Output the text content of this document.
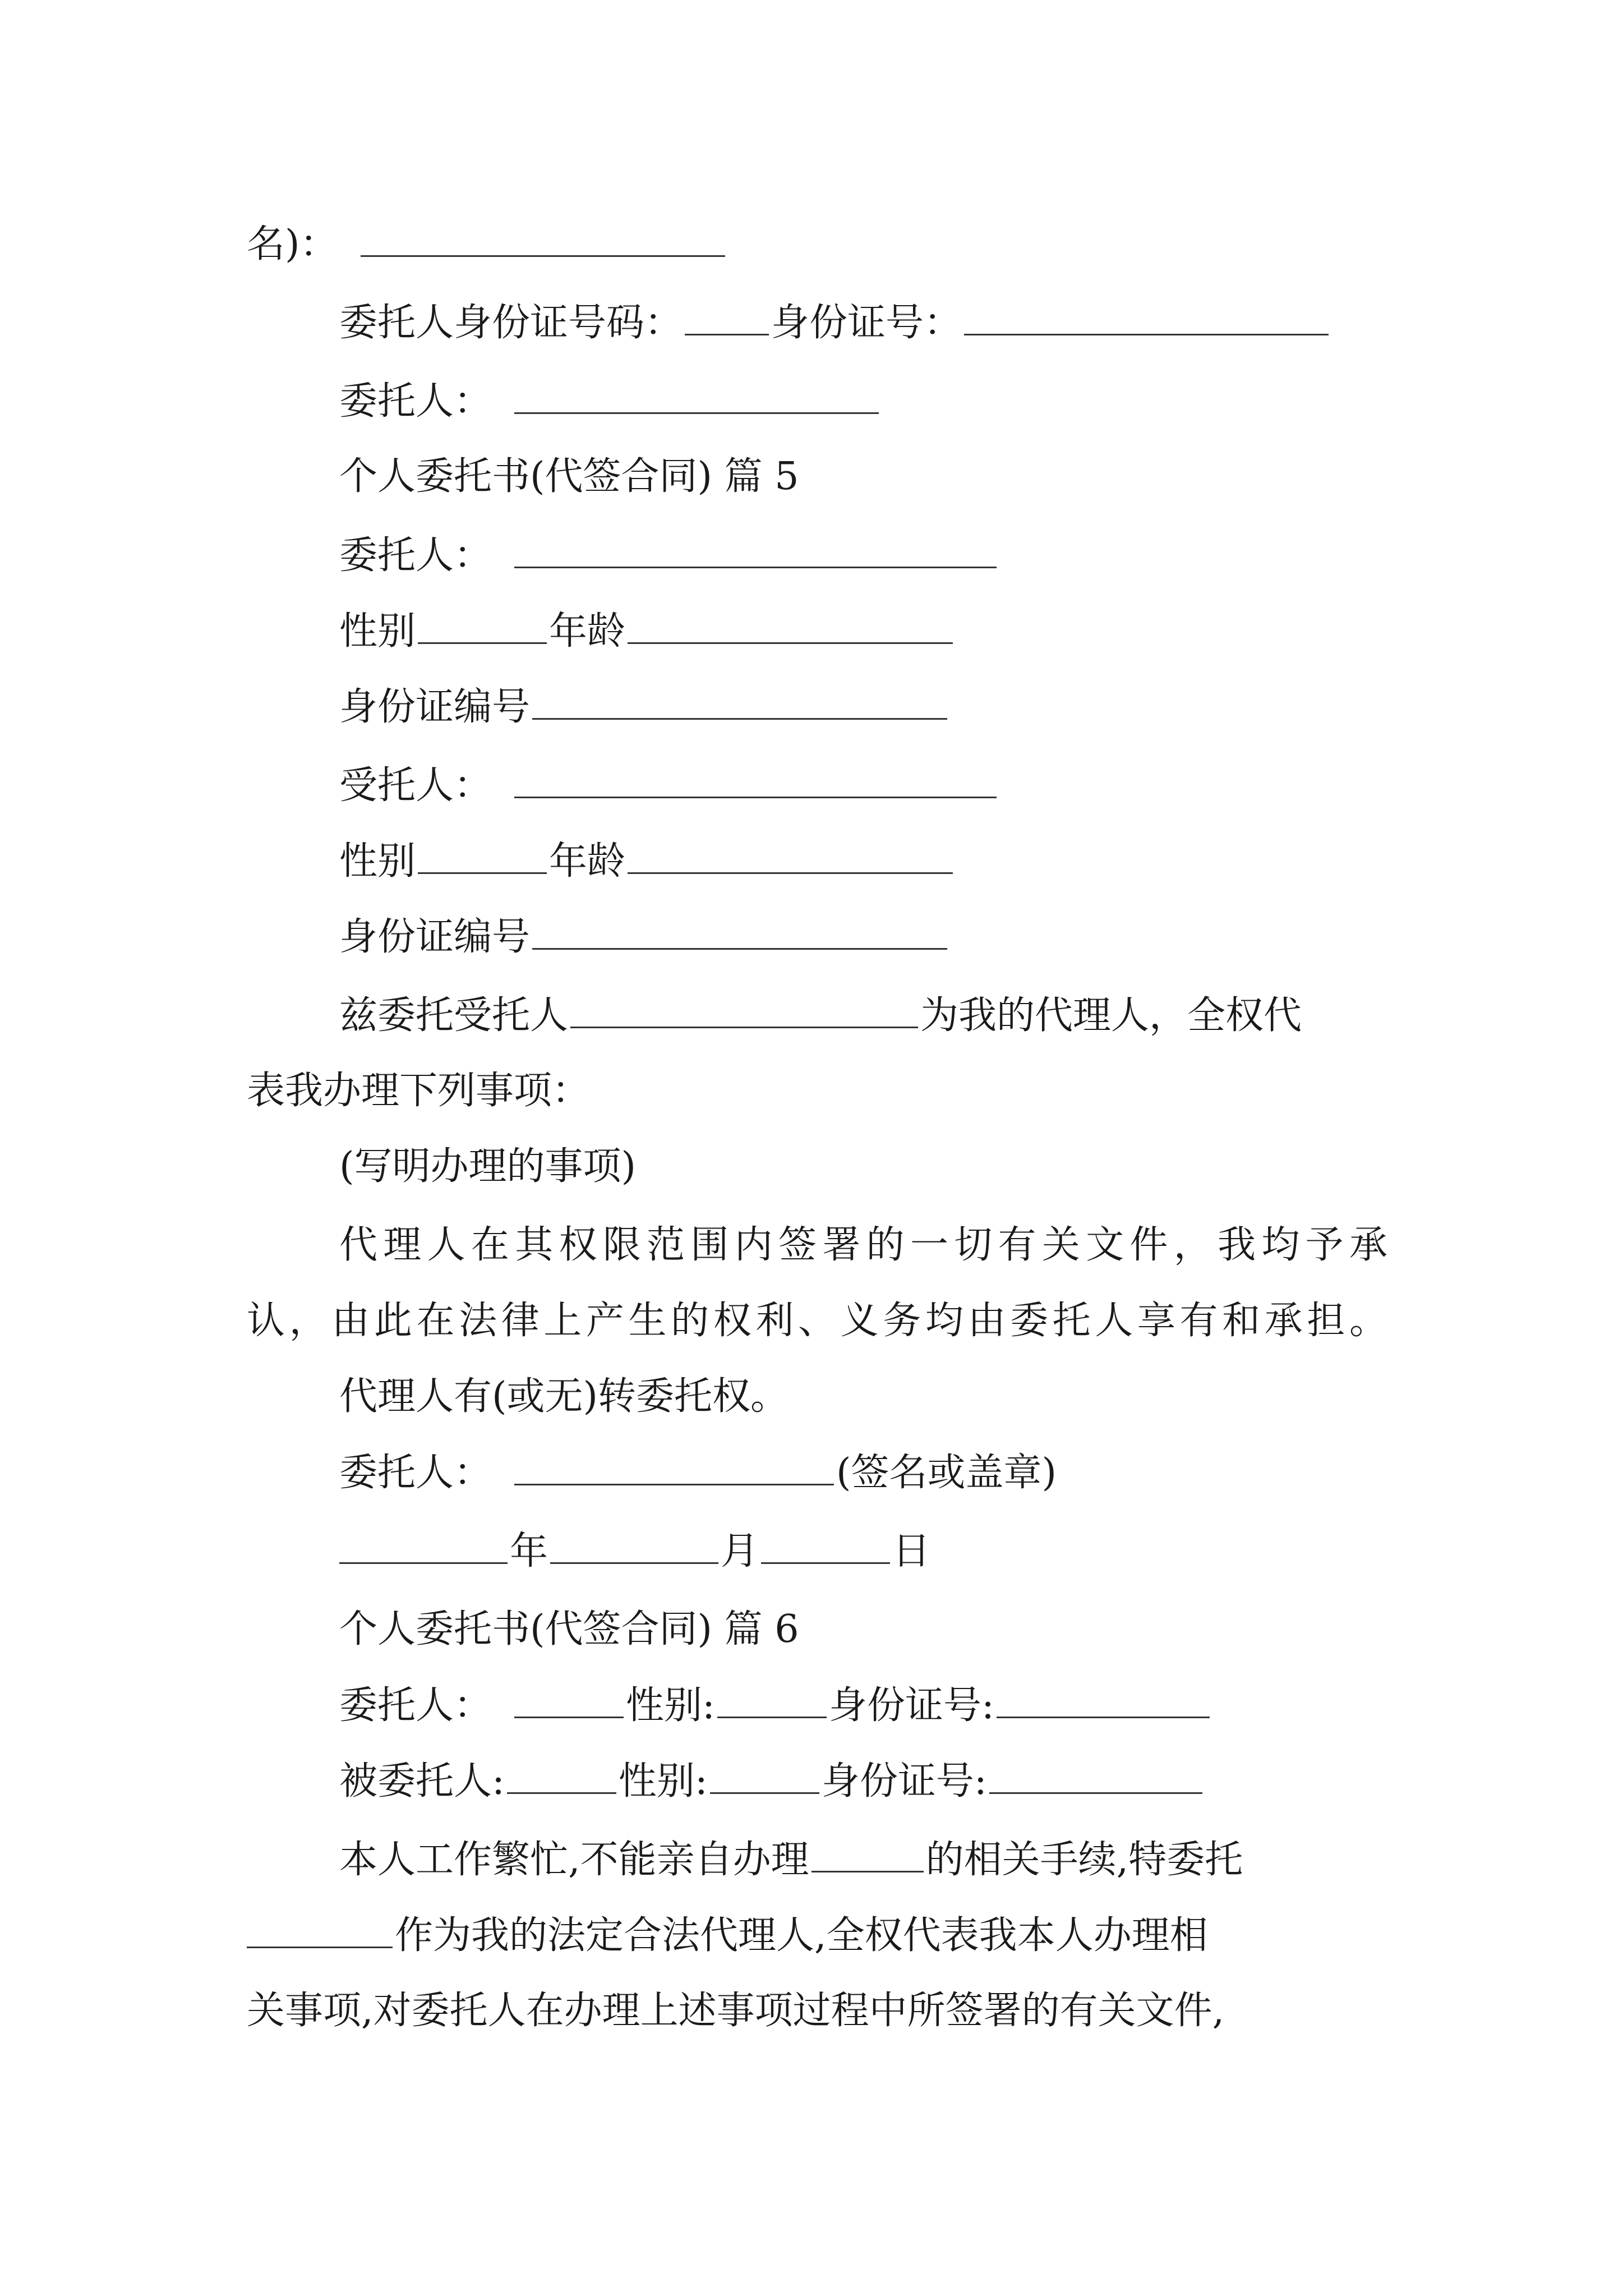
名)：
委托人身份证号码： 身份证号：
委托人：
个人委托书(代签合同) 篇 5
委托人：
性别	年龄
身份证编号
受托人：
性别	年龄
身份证编号
兹委托受托人	为我的代理人，全权代
表我办理下列事项：
(写明办理的事项)
代理人在其权限范围内签署的一切有关文件，我均予承
认，由此在法律上产生的权利、义务均由委托人享有和承担。
代理人有(或无)转委托权。
委托人：	(签名或盖章)
年	月	日
个人委托书(代签合同) 篇 6
委托人：	性别:	身份证号:
被委托人:	性别:	身份证号:
本人工作繁忙,不能亲自办理	的相关手续,特委托
作为我的法定合法代理人,全权代表我本人办理相
关事项,对委托人在办理上述事项过程中所签署的有关文件,
